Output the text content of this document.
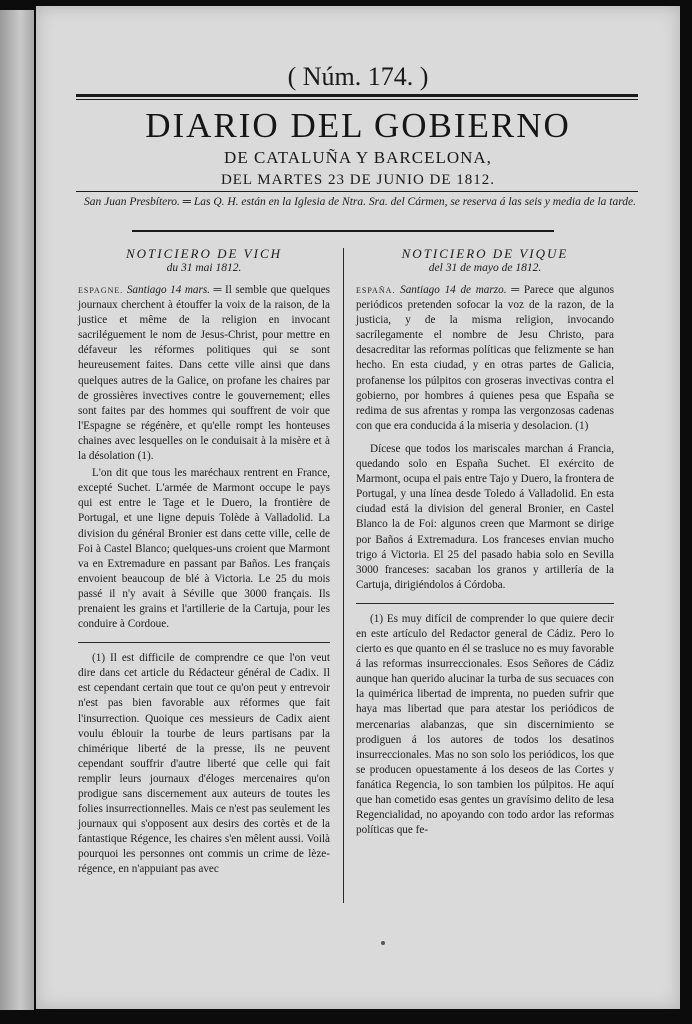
( Núm. 174. )
DIARIO DEL GOBIERNO
DE CATALUÑA Y BARCELONA,
DEL MARTES 23 DE JUNIO DE 1812.
San Juan Presbítero. ═ Las Q. H. están en la Iglesia de Ntra. Sra. del Cármen, se reserva á las seis y media de la tarde.
NOTICIERO DE VICH
du 31 mai 1812.

ESPAGNE. Santiago 14 mars. ═ Il semble que quelques journaux cherchent à étouffer la voix de la raison, de la justice et même de la religion en invocant sacriléguement le nom de Jesus-Christ, pour mettre en défaveur les réformes politiques qui se sont heureusement faites. Dans cette ville ainsi que dans quelques autres de la Galice, on profane les chaires par de grossières invectives contre le gouvernement; elles sont faites par des hommes qui souffrent de voir que l'Espagne se régénère, et qu'elle rompt les honteuses chaines avec lesquelles on le conduisait à la misère et à la désolation (1).

L'on dit que tous les maréchaux rentrent en France, excepté Suchet. L'armée de Marmont occupe le pays qui est entre le Tage et le Duero, la frontière de Portugal, et une ligne depuis Tolède à Valladolid. La division du général Bronier est dans cette ville, celle de Foi à Castel Blanco; quelques-uns croient que Marmont va en Extremadure en passant par Baños. Les français envoient beaucoup de blé à Victoria. Le 25 du mois passé il n'y avait à Séville que 3000 français. Ils prenaient les grains et l'artillerie de la Cartuja, pour les conduire à Cordoue.

(1) Il est difficile de comprendre ce que l'on veut dire dans cet article du Rédacteur général de Cadix. Il est cependant certain que tout ce qu'on peut y entrevoir n'est pas bien favorable aux réformes que fait l'insurrection. Quoique ces messieurs de Cadix aient voulu éblouir la tourbe de leurs partisans par la chimérique liberté de la presse, ils ne peuvent cependant souffrir d'autre liberté que celle qui fait remplir leurs journaux d'éloges mercenaires qu'on prodigue sans discernement aux auteurs de toutes les folies insurrectionnelles. Mais ce n'est pas seulement les journaux qui s'opposent aux desirs des cortès et de la fantastique Régence, les chaires s'en mêlent aussi. Voilà pourquoi les personnes ont commis un crime de lèze-régence, en n'appuiant pas avec

NOTICIERO DE VIQUE
del 31 de mayo de 1812.

ESPAÑA. Santiago 14 de marzo. ═ Parece que algunos periódicos pretenden sofocar la voz de la razon, de la justicia, y de la misma religion, invocando sacrílegamente el nombre de Jesu Christo, para desacreditar las reformas políticas que felizmente se han hecho. En esta ciudad, y en otras partes de Galicia, profanense los púlpitos con groseras invectivas contra el gobierno, por hombres á quienes pesa que España se redima de sus afrentas y rompa las vergonzosas cadenas con que era conducida á la miseria y desolacion. (1)

Dícese que todos los mariscales marchan á Francia, quedando solo en España Suchet. El exército de Marmont, ocupa el pais entre Tajo y Duero, la frontera de Portugal, y una línea desde Toledo á Valladolid. En esta ciudad está la division del general Bronier, en Castel Blanco la de Foi: algunos creen que Marmont se dirige por Baños á Extremadura. Los franceses envian mucho trigo á Victoria. El 25 del pasado habia solo en Sevilla 3000 franceses: sacaban los granos y artillería de la Cartuja, dirigiéndolos á Córdoba.

(1) Es muy difícil de comprender lo que quiere decir en este artículo del Redactor general de Cádiz. Pero lo cierto es que quanto en él se trasluce no es muy favorable á las reformas insurreccionales. Esos Señores de Cádiz aunque han querido alucinar la turba de sus secuaces con la quimérica libertad de imprenta, no pueden sufrir que haya mas libertad que para atestar los periódicos de mercenarias alabanzas, que sin discernimiento se prodiguen á los autores de todos los desatinos insurreccionales. Mas no son solo los periódicos, los que se producen opuestamente á los deseos de las Cortes y fanática Regencia, lo son tambien los púlpitos. He aquí que han cometido esas gentes un gravísimo delito de lesa Regencialidad, no apoyando con todo ardor las reformas políticas que fe-
